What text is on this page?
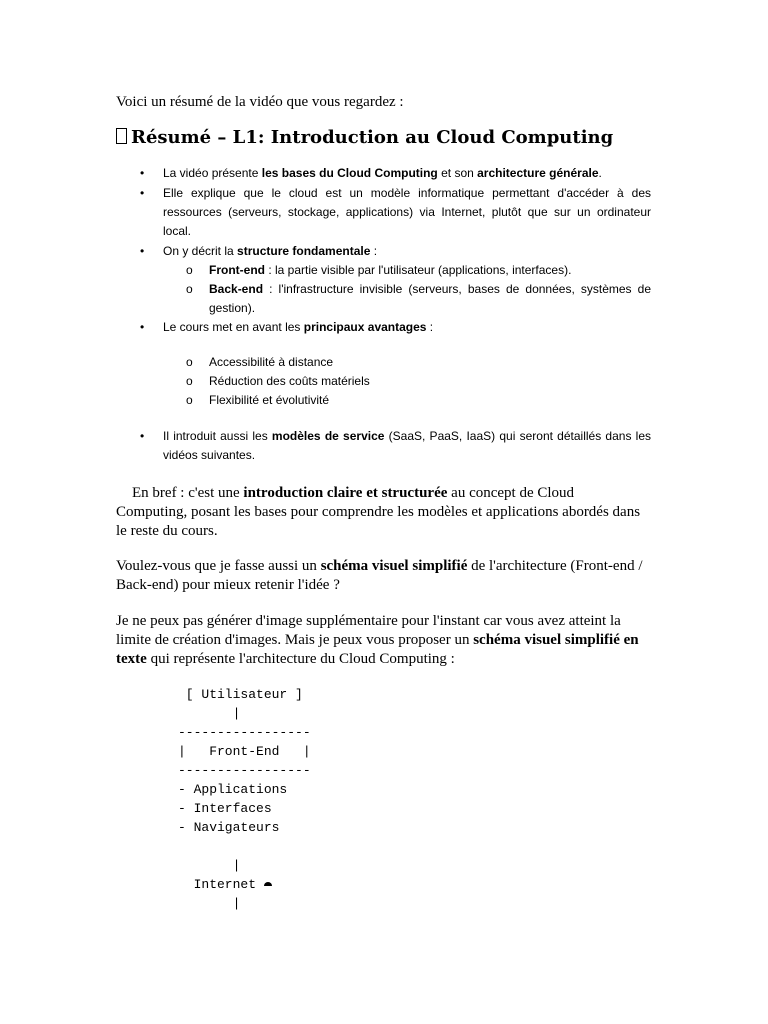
Voici un résumé de la vidéo que vous regardez :
Résumé – L1: Introduction au Cloud Computing
• La vidéo présente les bases du Cloud Computing et son architecture générale.
• Elle explique que le cloud est un modèle informatique permettant d'accéder à des ressources (serveurs, stockage, applications) via Internet, plutôt que sur un ordinateur local.
• On y décrit la structure fondamentale :
o Front-end : la partie visible par l'utilisateur (applications, interfaces).
o Back-end : l'infrastructure invisible (serveurs, bases de données, systèmes de gestion).
• Le cours met en avant les principaux avantages :
o Accessibilité à distance
o Réduction des coûts matériels
o Flexibilité et évolutivité
• Il introduit aussi les modèles de service (SaaS, PaaS, IaaS) qui seront détaillés dans les vidéos suivantes.
En bref : c'est une introduction claire et structurée au concept de Cloud Computing, posant les bases pour comprendre les modèles et applications abordés dans le reste du cours.
Voulez-vous que je fasse aussi un schéma visuel simplifié de l'architecture (Front-end / Back-end) pour mieux retenir l'idée ?
Je ne peux pas générer d'image supplémentaire pour l'instant car vous avez atteint la limite de création d'images. Mais je peux vous proposer un schéma visuel simplifié en texte qui représente l'architecture du Cloud Computing :
[ Utilisateur ]
|
-----------------
|   Front-End   |
-----------------
- Applications
- Interfaces
- Navigateurs
|
Internet
|
